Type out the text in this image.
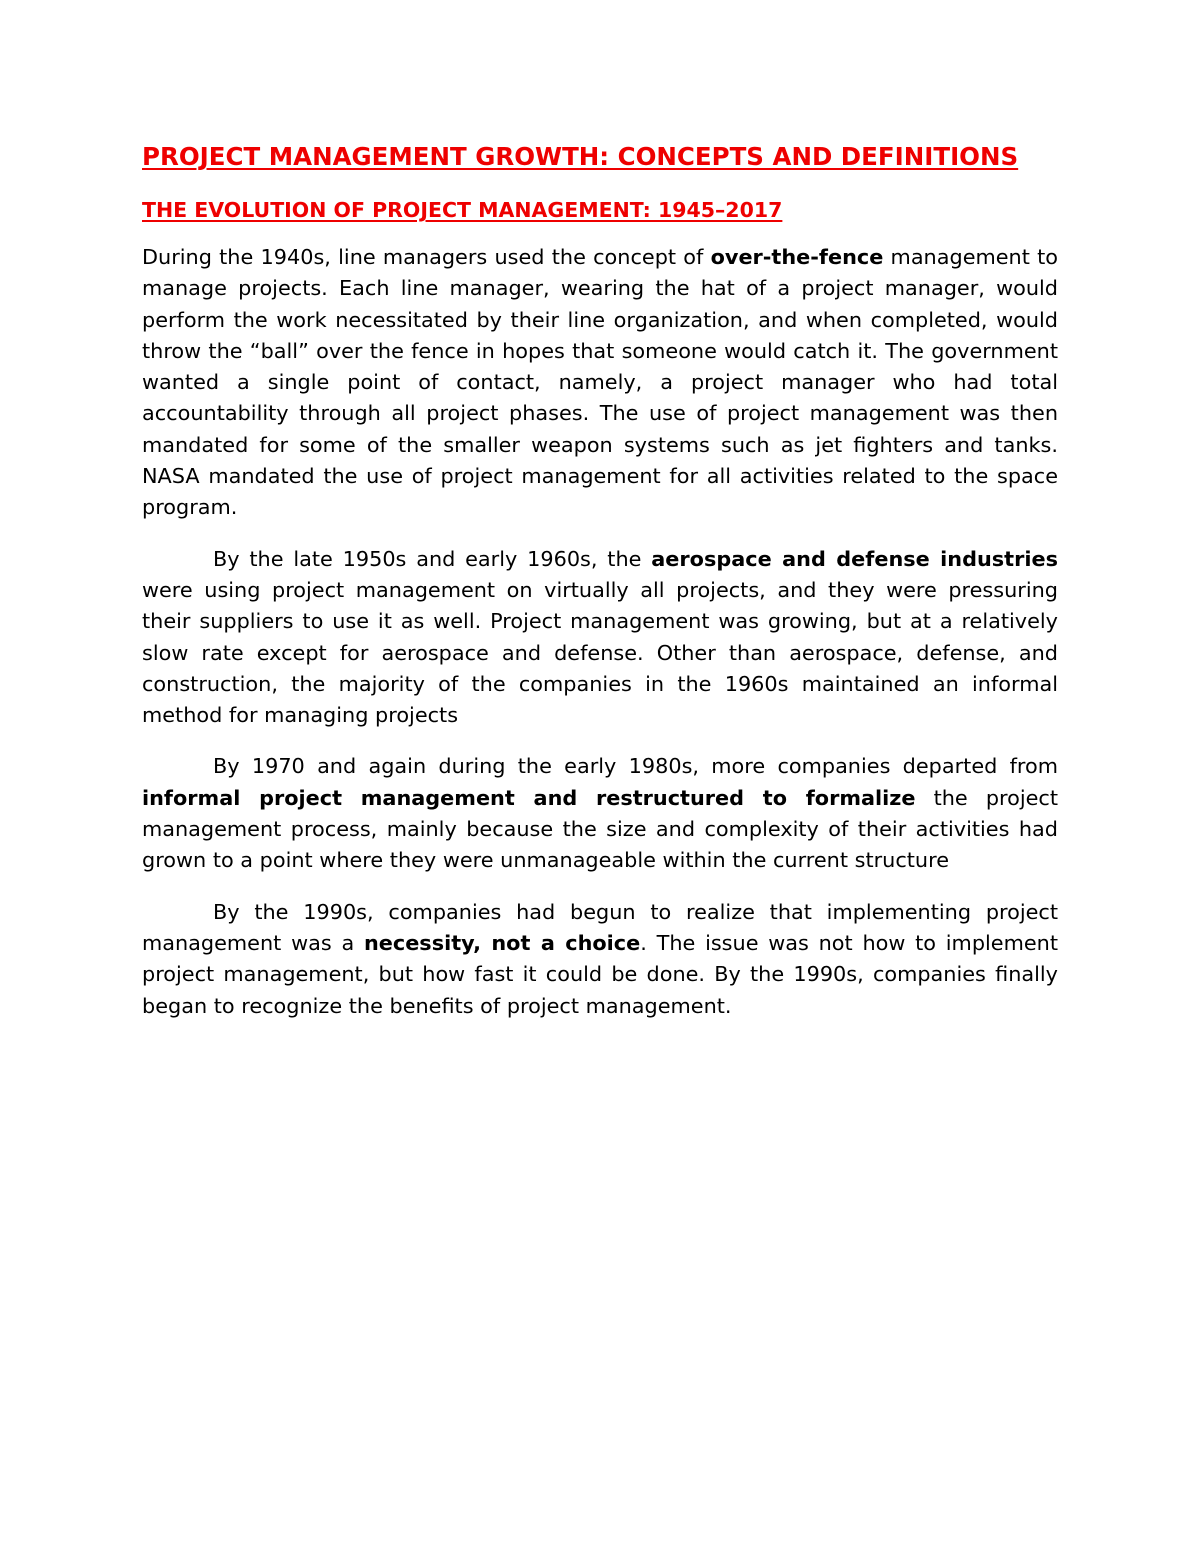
PROJECT MANAGEMENT GROWTH: CONCEPTS AND DEFINITIONS
THE EVOLUTION OF PROJECT MANAGEMENT: 1945–2017

During the 1940s, line managers used the concept of over-the-fence management to manage projects. Each line manager, wearing the hat of a project manager, would perform the work necessitated by their line organization, and when completed, would throw the “ball” over the fence in hopes that someone would catch it. The government wanted a single point of contact, namely, a project manager who had total accountability through all project phases. The use of project management was then mandated for some of the smaller weapon systems such as jet fighters and tanks. NASA mandated the use of project management for all activities related to the space program.

By the late 1950s and early 1960s, the aerospace and defense industries were using project management on virtually all projects, and they were pressuring their suppliers to use it as well. Project management was growing, but at a relatively slow rate except for aerospace and defense. Other than aerospace, defense, and construction, the majority of the companies in the 1960s maintained an informal method for managing projects

By 1970 and again during the early 1980s, more companies departed from informal project management and restructured to formalize the project management process, mainly because the size and complexity of their activities had grown to a point where they were unmanageable within the current structure

By the 1990s, companies had begun to realize that implementing project management was a necessity, not a choice. The issue was not how to implement project management, but how fast it could be done. By the 1990s, companies finally began to recognize the benefits of project management.
